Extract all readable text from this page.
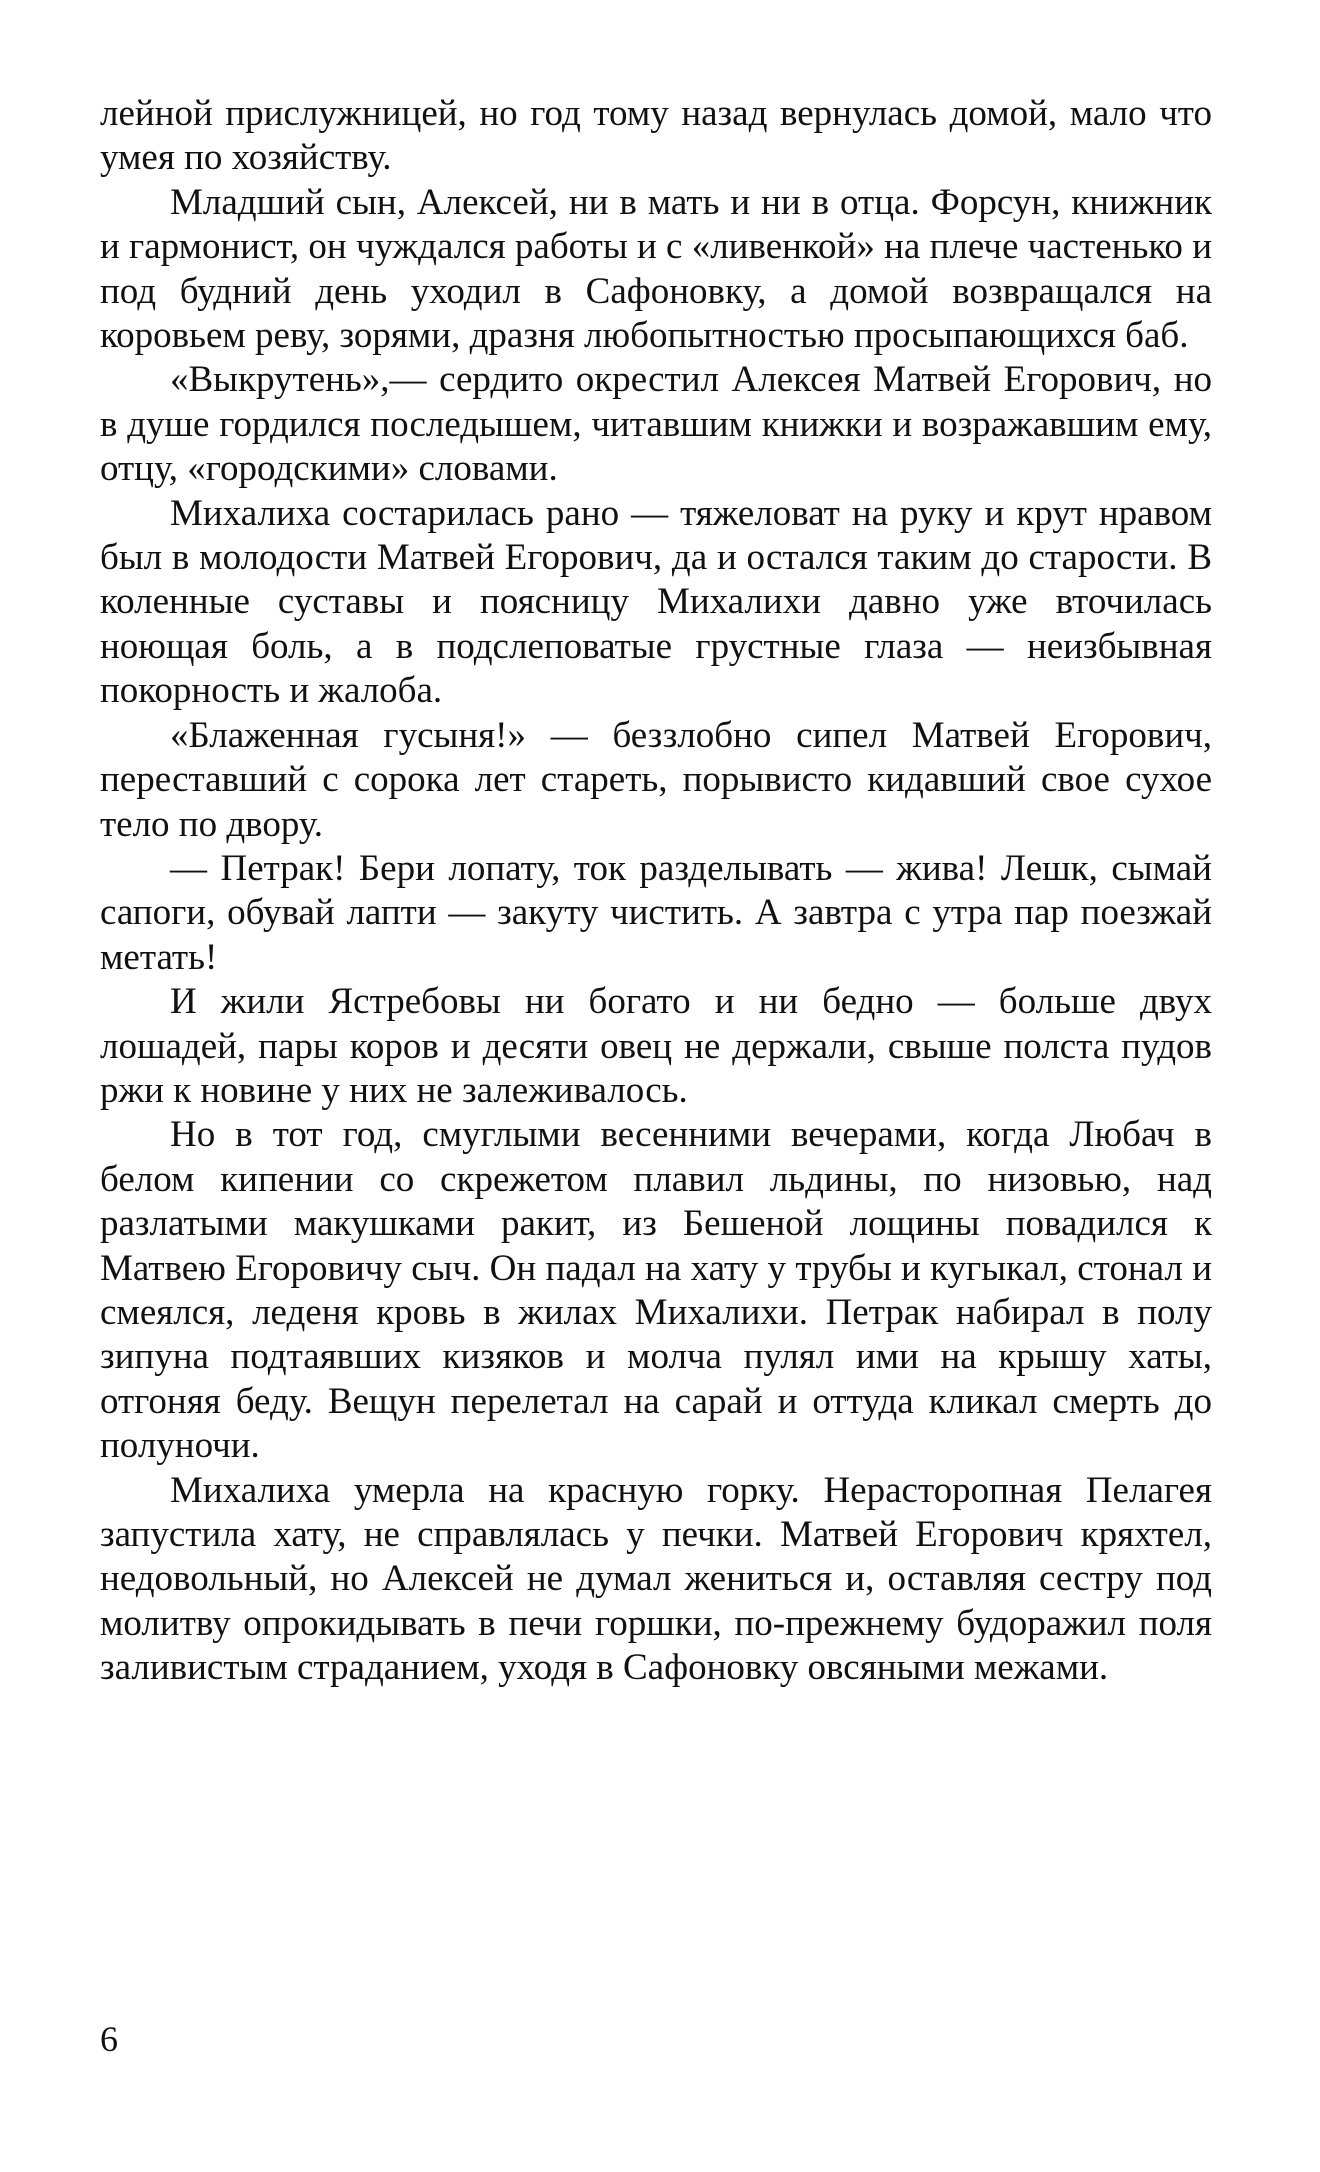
лейной прислужницей, но год тому назад вернулась домой, мало что умея по хозяйству.

Младший сын, Алексей, ни в мать и ни в отца. Форсун, книжник и гармонист, он чуждался работы и с «ливенкой» на плече частенько и под будний день уходил в Сафоновку, а домой возвращался на коровьем реву, зорями, дразня любопытностью просыпающихся баб.

«Выкрутень»,— сердито окрестил Алексея Матвей Егорович, но в душе гордился последышем, читавшим книжки и возражавшим ему, отцу, «городскими» словами.

Михалиха состарилась рано — тяжеловат на руку и крут нравом был в молодости Матвей Егорович, да и остался таким до старости. В коленные суставы и поясницу Михалихи давно уже вточилась ноющая боль, а в подслеповатые грустные глаза — неизбывная покорность и жалоба.

«Блаженная гусыня!» — беззлобно сипел Матвей Егорович, переставший с сорока лет стареть, порывисто кидавший свое сухое тело по двору.

— Петрак! Бери лопату, ток разделывать — жива! Лешк, сымай сапоги, обувай лапти — закуту чистить. А завтра с утра пар поезжай метать!

И жили Ястребовы ни богато и ни бедно — больше двух лошадей, пары коров и десяти овец не держали, свыше полста пудов ржи к новине у них не залеживалось.

Но в тот год, смуглыми весенними вечерами, когда Любач в белом кипении со скрежетом плавил льдины, по низовью, над разлатыми макушками ракит, из Бешеной лощины повадился к Матвею Егоровичу сыч. Он падал на хату у трубы и кугыкал, стонал и смеялся, леденя кровь в жилах Михалихи. Петрак набирал в полу зипуна подтаявших кизяков и молча пулял ими на крышу хаты, отгоняя беду. Вещун перелетал на сарай и оттуда кликал смерть до полуночи.

Михалиха умерла на красную горку. Нерасторопная Пелагея запустила хату, не справлялась у печки. Матвей Егорович кряхтел, недовольный, но Алексей не думал жениться и, оставляя сестру под молитву опрокидывать в печи горшки, по-прежнему будоражил поля заливистым страданием, уходя в Сафоновку овсяными межами.

6
